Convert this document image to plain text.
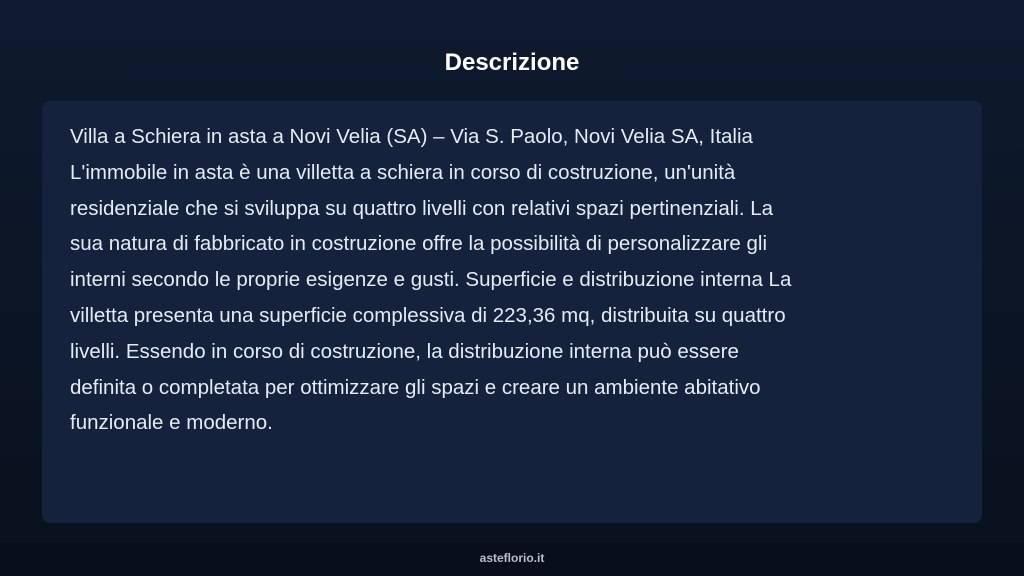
Descrizione
Villa a Schiera in asta a Novi Velia (SA) – Via S. Paolo, Novi Velia SA, Italia
L'immobile in asta è una villetta a schiera in corso di costruzione, un'unità
residenziale che si sviluppa su quattro livelli con relativi spazi pertinenziali. La
sua natura di fabbricato in costruzione offre la possibilità di personalizzare gli
interni secondo le proprie esigenze e gusti. Superficie e distribuzione interna La
villetta presenta una superficie complessiva di 223,36 mq, distribuita su quattro
livelli. Essendo in corso di costruzione, la distribuzione interna può essere
definita o completata per ottimizzare gli spazi e creare un ambiente abitativo
funzionale e moderno.
asteflorio.it
